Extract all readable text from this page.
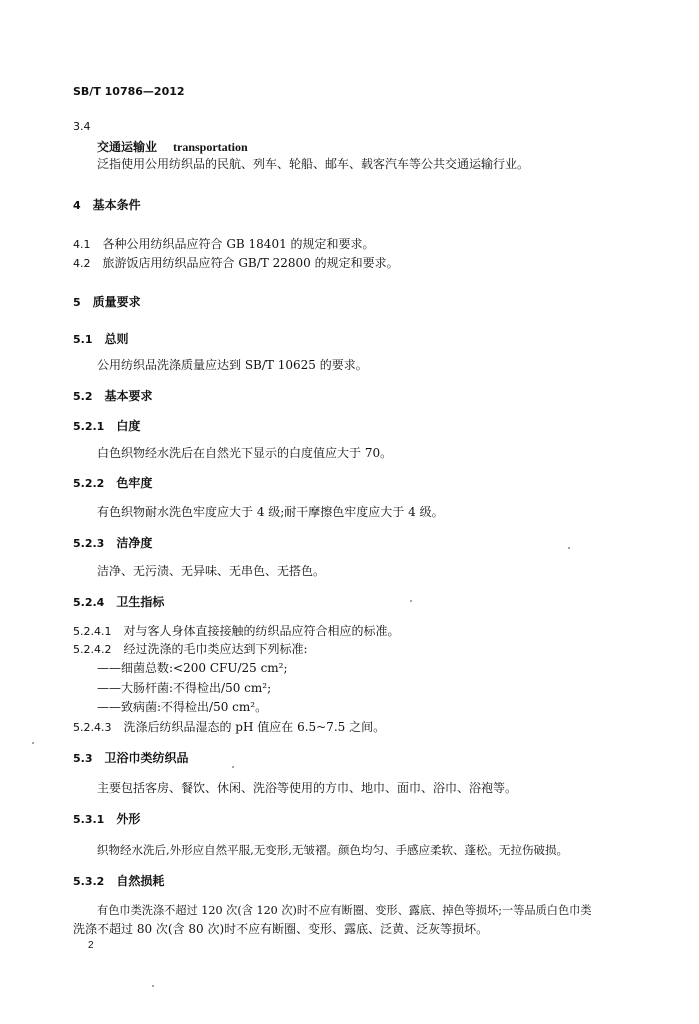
SB/T 10786—2012
3.4
交通运输业 transportation
泛指使用公用纺织品的民航、列车、轮船、邮车、载客汽车等公共交通运输行业。
4 基本条件
4.1 各种公用纺织品应符合 GB 18401 的规定和要求。
4.2 旅游饭店用纺织品应符合 GB/T 22800 的规定和要求。
5 质量要求
5.1 总则
公用纺织品洗涤质量应达到 SB/T 10625 的要求。
5.2 基本要求
5.2.1 白度
白色织物经水洗后在自然光下显示的白度值应大于 70。
5.2.2 色牢度
有色织物耐水洗色牢度应大于 4 级;耐干摩擦色牢度应大于 4 级。
5.2.3 洁净度
洁净、无污渍、无异味、无串色、无搭色。
5.2.4 卫生指标
5.2.4.1 对与客人身体直接接触的纺织品应符合相应的标准。
5.2.4.2 经过洗涤的毛巾类应达到下列标准:
——细菌总数:<200 CFU/25 cm²;
——大肠杆菌:不得检出/50 cm²;
——致病菌:不得检出/50 cm²。
5.2.4.3 洗涤后纺织品湿态的 pH 值应在 6.5~7.5 之间。
5.3 卫浴巾类纺织品
主要包括客房、餐饮、休闲、洗浴等使用的方巾、地巾、面巾、浴巾、浴袍等。
5.3.1 外形
织物经水洗后,外形应自然平服,无变形,无皱褶。颜色均匀、手感应柔软、蓬松。无拉伤破损。
5.3.2 自然损耗
有色巾类洗涤不超过 120 次(含 120 次)时不应有断圈、变形、露底、掉色等损坏;一等品质白色巾类
洗涤不超过 80 次(含 80 次)时不应有断圈、变形、露底、泛黄、泛灰等损坏。
2
